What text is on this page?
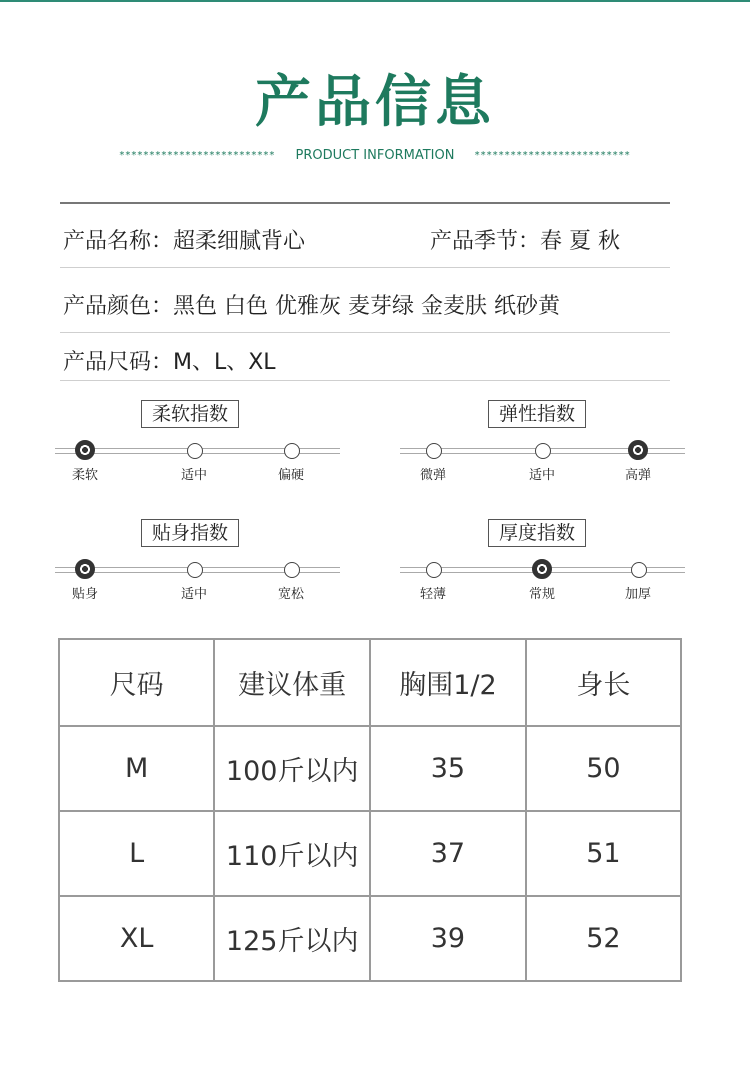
产品信息
************************** PRODUCT INFORMATION **************************
产品名称：超柔细腻背心	产品季节：春 夏 秋
产品颜色：黑色 白色 优雅灰 麦芽绿 金麦肤 纸砂黄
产品尺码：M、L、XL
柔软指数
柔软	适中	偏硬
弹性指数
微弹	适中	高弹
贴身指数
贴身	适中	宽松
厚度指数
轻薄	常规	加厚
尺码	建议体重	胸围1/2	身长
M	100斤以内	35	50
L	110斤以内	37	51
XL	125斤以内	39	52
